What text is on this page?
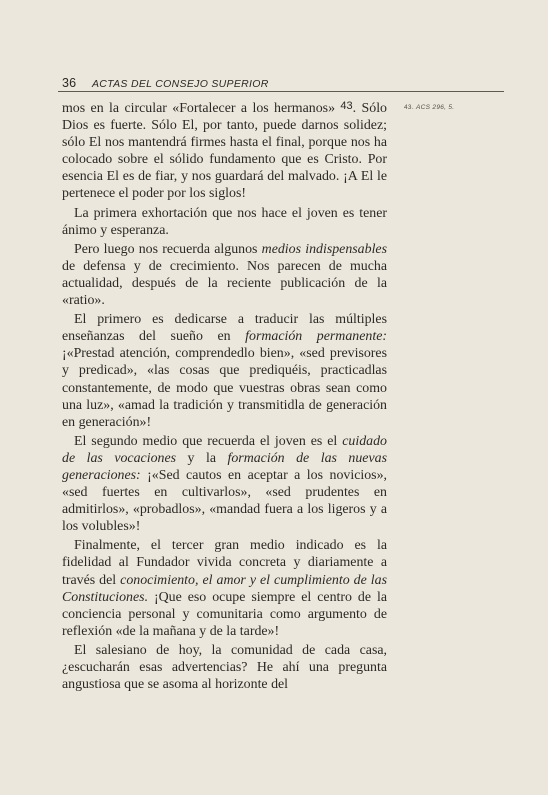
36 ACTAS DEL CONSEJO SUPERIOR
43. ACS 296, 5.

mos en la circular «Fortalecer a los hermanos» $^{43}$. Sólo Dios es fuerte. Sólo El, por tanto, puede darnos solidez; sólo El nos mantendrá firmes hasta el final, porque nos ha colocado sobre el sólido fundamento que es Cristo. Por esencia El es de fiar, y nos guardará del malvado. ¡A El le pertenece el poder por los siglos!

La primera exhortación que nos hace el joven es tener ánimo y esperanza.

Pero luego nos recuerda algunos medios indispensables de defensa y de crecimiento. Nos parecen de mucha actualidad, después de la reciente publicación de la «ratio».

El primero es dedicarse a traducir las múltiples enseñanzas del sueño en formación permanente: ¡«Prestad atención, comprendedlo bien», «sed previsores y predicad», «las cosas que prediquéis, practicadlas constantemente, de modo que vuestras obras sean como una luz», «amad la tradición y transmitidla de generación en generación»!

El segundo medio que recuerda el joven es el cuidado de las vocaciones y la formación de las nuevas generaciones: ¡«Sed cautos en aceptar a los novicios», «sed fuertes en cultivarlos», «sed prudentes en admitirlos», «probadlos», «mandad fuera a los ligeros y a los volubles»!

Finalmente, el tercer gran medio indicado es la fidelidad al Fundador vivida concreta y diariamente a través del conocimiento, el amor y el cumplimiento de las Constituciones. ¡Que eso ocupe siempre el centro de la conciencia personal y comunitaria como argumento de reflexión «de la mañana y de la tarde»!

El salesiano de hoy, la comunidad de cada casa, ¿escucharán esas advertencias? He ahí una pregunta angustiosa que se asoma al horizonte del
